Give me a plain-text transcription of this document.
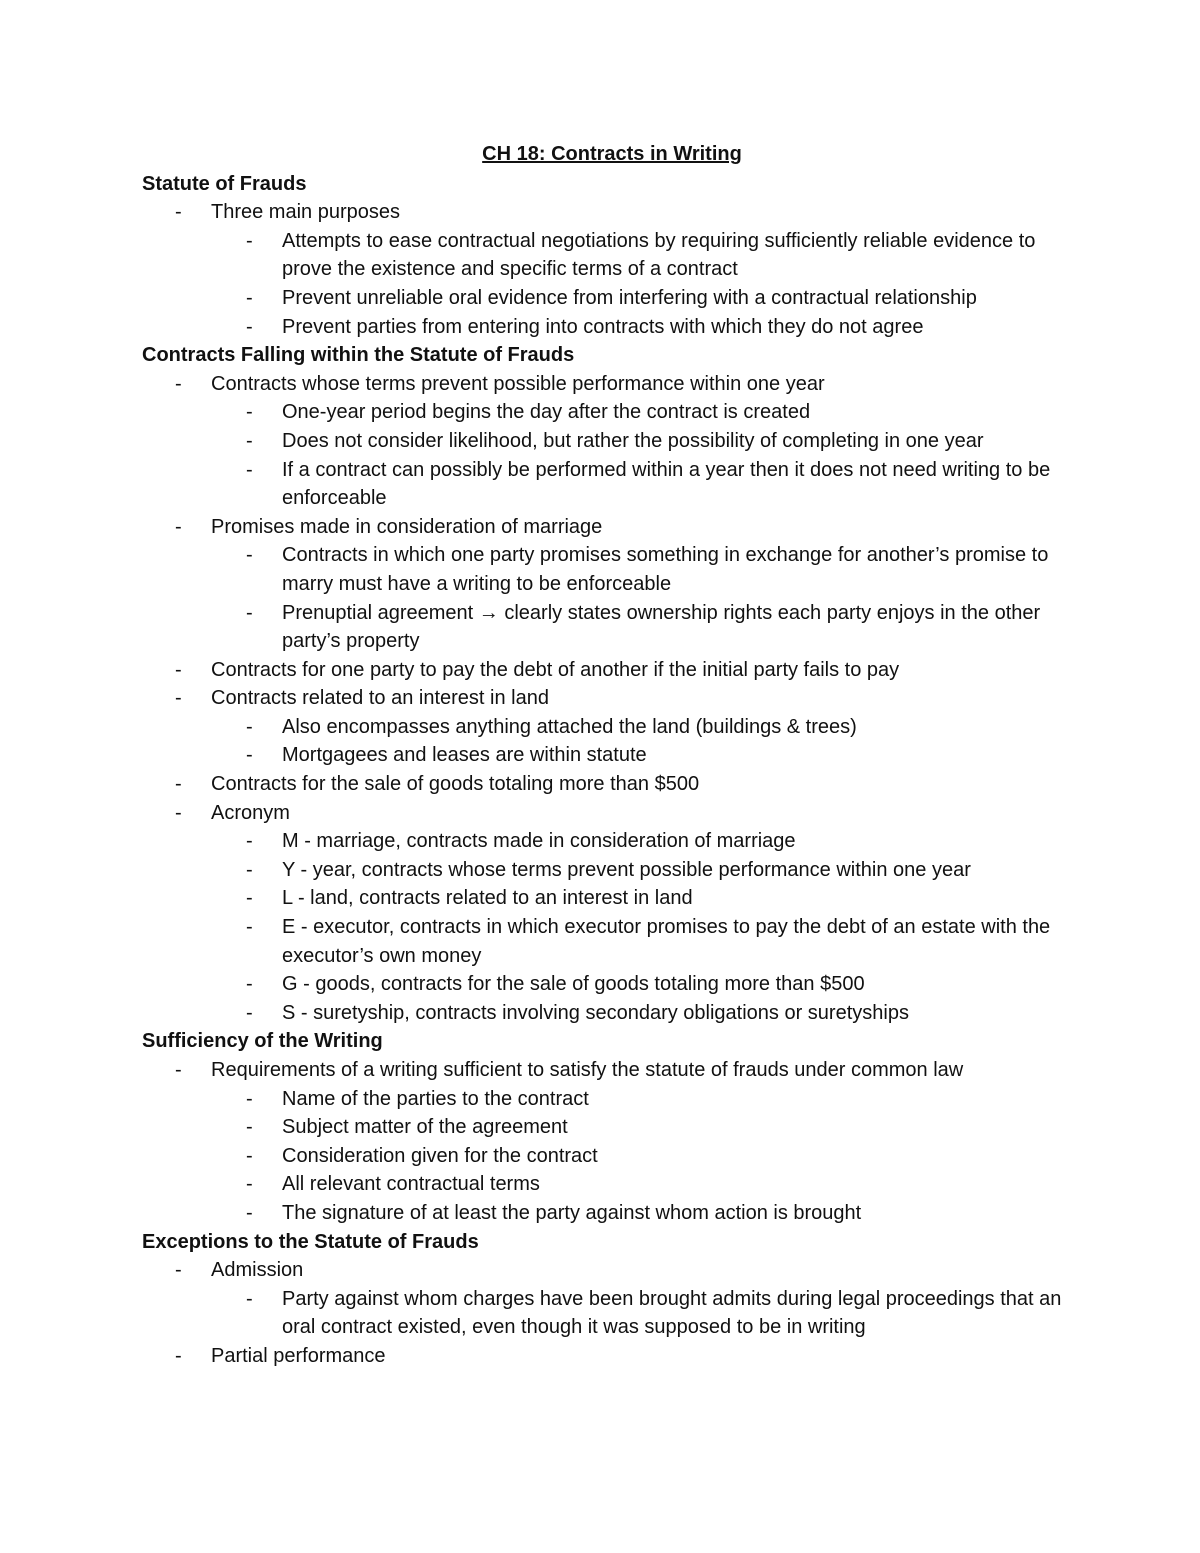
CH 18: Contracts in Writing
Statute of Frauds
-	Three main purposes
-	Attempts to ease contractual negotiations by requiring sufficiently reliable evidence to prove the existence and specific terms of a contract
-	Prevent unreliable oral evidence from interfering with a contractual relationship
-	Prevent parties from entering into contracts with which they do not agree
Contracts Falling within the Statute of Frauds
-	Contracts whose terms prevent possible performance within one year
-	One-year period begins the day after the contract is created
-	Does not consider likelihood, but rather the possibility of completing in one year
-	If a contract can possibly be performed within a year then it does not need writing to be enforceable
-	Promises made in consideration of marriage
-	Contracts in which one party promises something in exchange for another’s promise to marry must have a writing to be enforceable
-	Prenuptial agreement → clearly states ownership rights each party enjoys in the other party’s property
-	Contracts for one party to pay the debt of another if the initial party fails to pay
-	Contracts related to an interest in land
-	Also encompasses anything attached the land (buildings & trees)
-	Mortgagees and leases are within statute
-	Contracts for the sale of goods totaling more than $500
-	Acronym
-	M - marriage, contracts made in consideration of marriage
-	Y - year, contracts whose terms prevent possible performance within one year
-	L - land, contracts related to an interest in land
-	E - executor, contracts in which executor promises to pay the debt of an estate with the executor’s own money
-	G - goods, contracts for the sale of goods totaling more than $500
-	S - suretyship, contracts involving secondary obligations or suretyships
Sufficiency of the Writing
-	Requirements of a writing sufficient to satisfy the statute of frauds under common law
-	Name of the parties to the contract
-	Subject matter of the agreement
-	Consideration given for the contract
-	All relevant contractual terms
-	The signature of at least the party against whom action is brought
Exceptions to the Statute of Frauds
-	Admission
-	Party against whom charges have been brought admits during legal proceedings that an oral contract existed, even though it was supposed to be in writing
-	Partial performance
